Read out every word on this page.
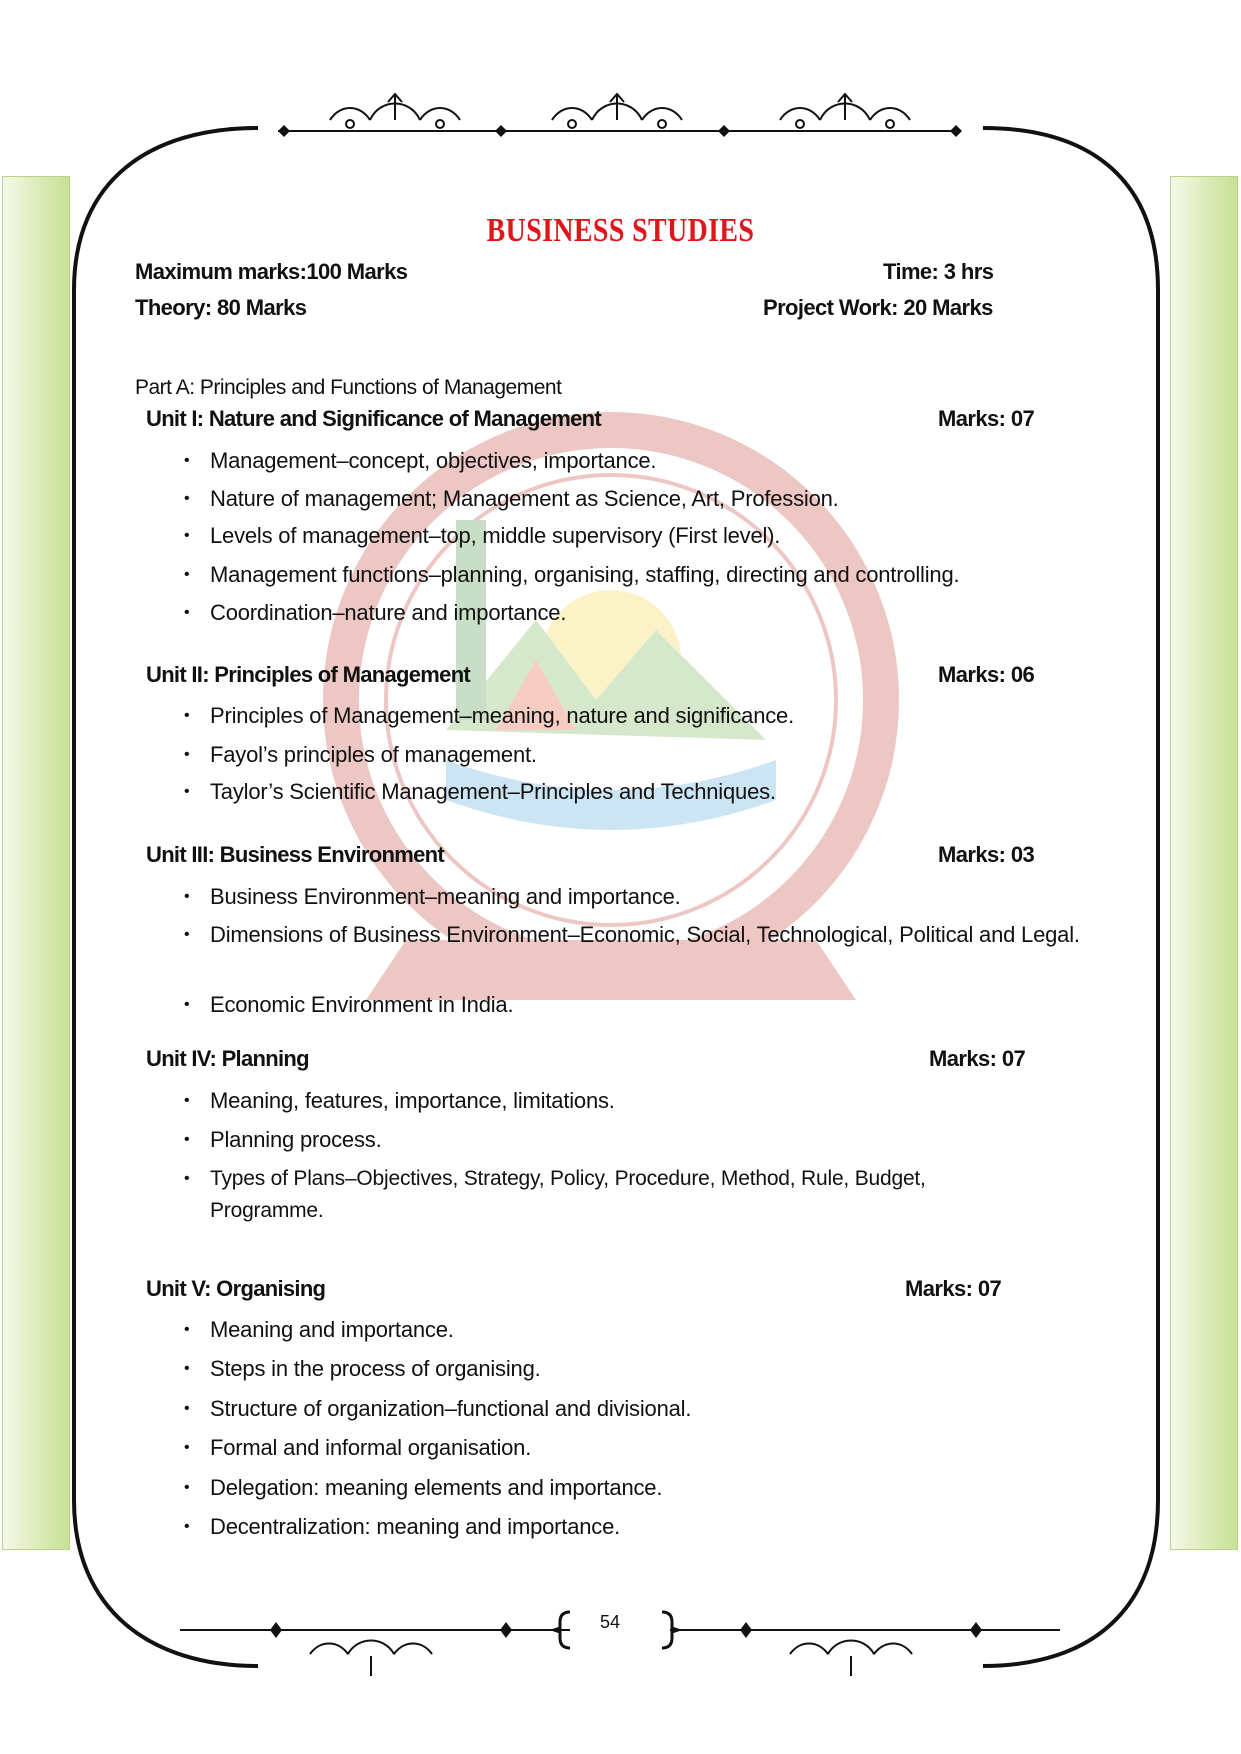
BUSINESS STUDIES
Maximum marks:100 Marks	Time: 3 hrs
Theory: 80 Marks	Project Work: 20 Marks
Part A: Principles and Functions of Management
Unit I: Nature and Significance of Management	Marks: 07
• Management–concept, objectives, importance.
• Nature of management; Management as Science, Art, Profession.
• Levels of management–top, middle supervisory (First level).
• Management functions–planning, organising, staffing, directing and controlling.
• Coordination–nature and importance.
Unit II: Principles of Management	Marks: 06
• Principles of Management–meaning, nature and significance.
• Fayol’s principles of management.
• Taylor’s Scientific Management–Principles and Techniques.
Unit III: Business Environment	Marks: 03
• Business Environment–meaning and importance.
• Dimensions of Business Environment–Economic, Social, Technological, Political and Legal.
• Economic Environment in India.
Unit IV: Planning	Marks: 07
• Meaning, features, importance, limitations.
• Planning process.
• Types of Plans–Objectives, Strategy, Policy, Procedure, Method, Rule, Budget, Programme.
Unit V: Organising	Marks: 07
• Meaning and importance.
• Steps in the process of organising.
• Structure of organization–functional and divisional.
• Formal and informal organisation.
• Delegation: meaning elements and importance.
• Decentralization: meaning and importance.
54
